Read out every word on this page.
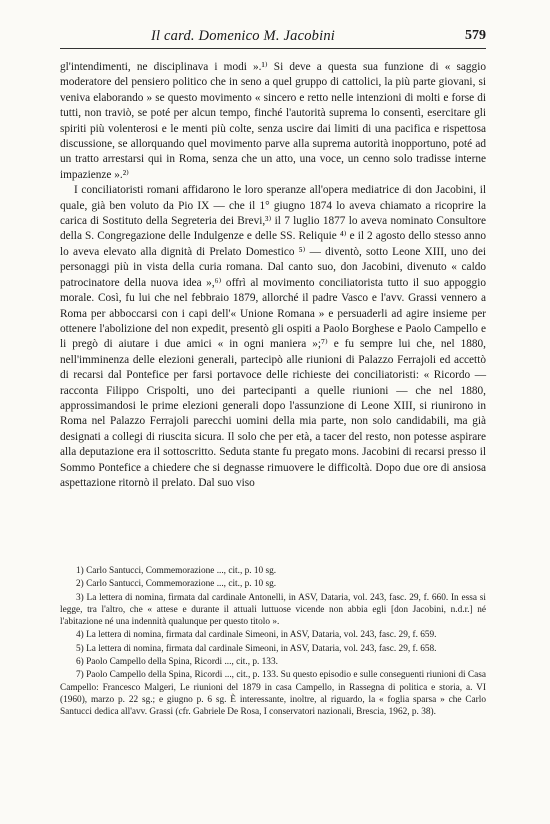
Il card. Domenico M. Jacobini	579

gl'intendimenti, ne disciplinava i modi ».¹⁾ Si deve a questa sua funzione di « saggio moderatore del pensiero politico che in seno a quel gruppo di cattolici, la più parte giovani, si veniva elaborando » se questo movimento « sincero e retto nelle intenzioni di molti e forse di tutti, non traviò, se poté per alcun tempo, finché l'autorità suprema lo consentì, esercitare gli spiriti più volenterosi e le menti più colte, senza uscire dai limiti di una pacifica e rispettosa discussione, se allorquando quel movimento parve alla suprema autorità inopportuno, poté ad un tratto arrestarsi qui in Roma, senza che un atto, una voce, un cenno solo tradisse interne impazienze ».²⁾

I conciliatoristi romani affidarono le loro speranze all'opera mediatrice di don Jacobini, il quale, già ben voluto da Pio IX — che il 1° giugno 1874 lo aveva chiamato a ricoprire la carica di Sostituto della Segreteria dei Brevi,³⁾ il 7 luglio 1877 lo aveva nominato Consultore della S. Congregazione delle Indulgenze e delle SS. Reliquie ⁴⁾ e il 2 agosto dello stesso anno lo aveva elevato alla dignità di Prelato Domestico ⁵⁾ — diventò, sotto Leone XIII, uno dei personaggi più in vista della curia romana. Dal canto suo, don Jacobini, divenuto « caldo patrocinatore della nuova idea »,⁶⁾ offrì al movimento conciliatorista tutto il suo appoggio morale. Così, fu lui che nel febbraio 1879, allorché il padre Vasco e l'avv. Grassi vennero a Roma per abboccarsi con i capi dell'« Unione Romana » e persuaderli ad agire insieme per ottenere l'abolizione del non expedit, presentò gli ospiti a Paolo Borghese e Paolo Campello e li pregò di aiutare i due amici « in ogni maniera »;⁷⁾ e fu sempre lui che, nel 1880, nell'imminenza delle elezioni generali, partecipò alle riunioni di Palazzo Ferrajoli ed accettò di recarsi dal Pontefice per farsi portavoce delle richieste dei conciliatoristi: « Ricordo — racconta Filippo Crispolti, uno dei partecipanti a quelle riunioni — che nel 1880, approssimandosi le prime elezioni generali dopo l'assunzione di Leone XIII, si riunirono in Roma nel Palazzo Ferrajoli parecchi uomini della mia parte, non solo candidabili, ma già designati a collegi di riuscita sicura. Il solo che per età, a tacer del resto, non potesse aspirare alla deputazione era il sottoscritto. Seduta stante fu pregato mons. Jacobini di recarsi presso il Sommo Pontefice a chiedere che si degnasse rimuovere le difficoltà. Dopo due ore di ansiosa aspettazione ritornò il prelato. Dal suo viso

1) Carlo Santucci, Commemorazione ..., cit., p. 10 sg.

2) Carlo Santucci, Commemorazione ..., cit., p. 10 sg.

3) La lettera di nomina, firmata dal cardinale Antonelli, in ASV, Dataria, vol. 243, fasc. 29, f. 660. In essa si legge, tra l'altro, che « attese e durante il attuali luttuose vicende non abbia egli [don Jacobini, n.d.r.] né l'abitazione né una indennità qualunque per questo titolo ».

4) La lettera di nomina, firmata dal cardinale Simeoni, in ASV, Dataria, vol. 243, fasc. 29, f. 659.

5) La lettera di nomina, firmata dal cardinale Simeoni, in ASV, Dataria, vol. 243, fasc. 29, f. 658.

6) Paolo Campello della Spina, Ricordi ..., cit., p. 133.

7) Paolo Campello della Spina, Ricordi ..., cit., p. 133. Su questo episodio e sulle conseguenti riunioni di Casa Campello: Francesco Malgeri, Le riunioni del 1879 in casa Campello, in Rassegna di politica e storia, a. VI (1960), marzo p. 22 sg.; e giugno p. 6 sg. È interessante, inoltre, al riguardo, la « foglia sparsa » che Carlo Santucci dedica all'avv. Grassi (cfr. Gabriele De Rosa, I conservatori nazionali, Brescia, 1962, p. 38).
